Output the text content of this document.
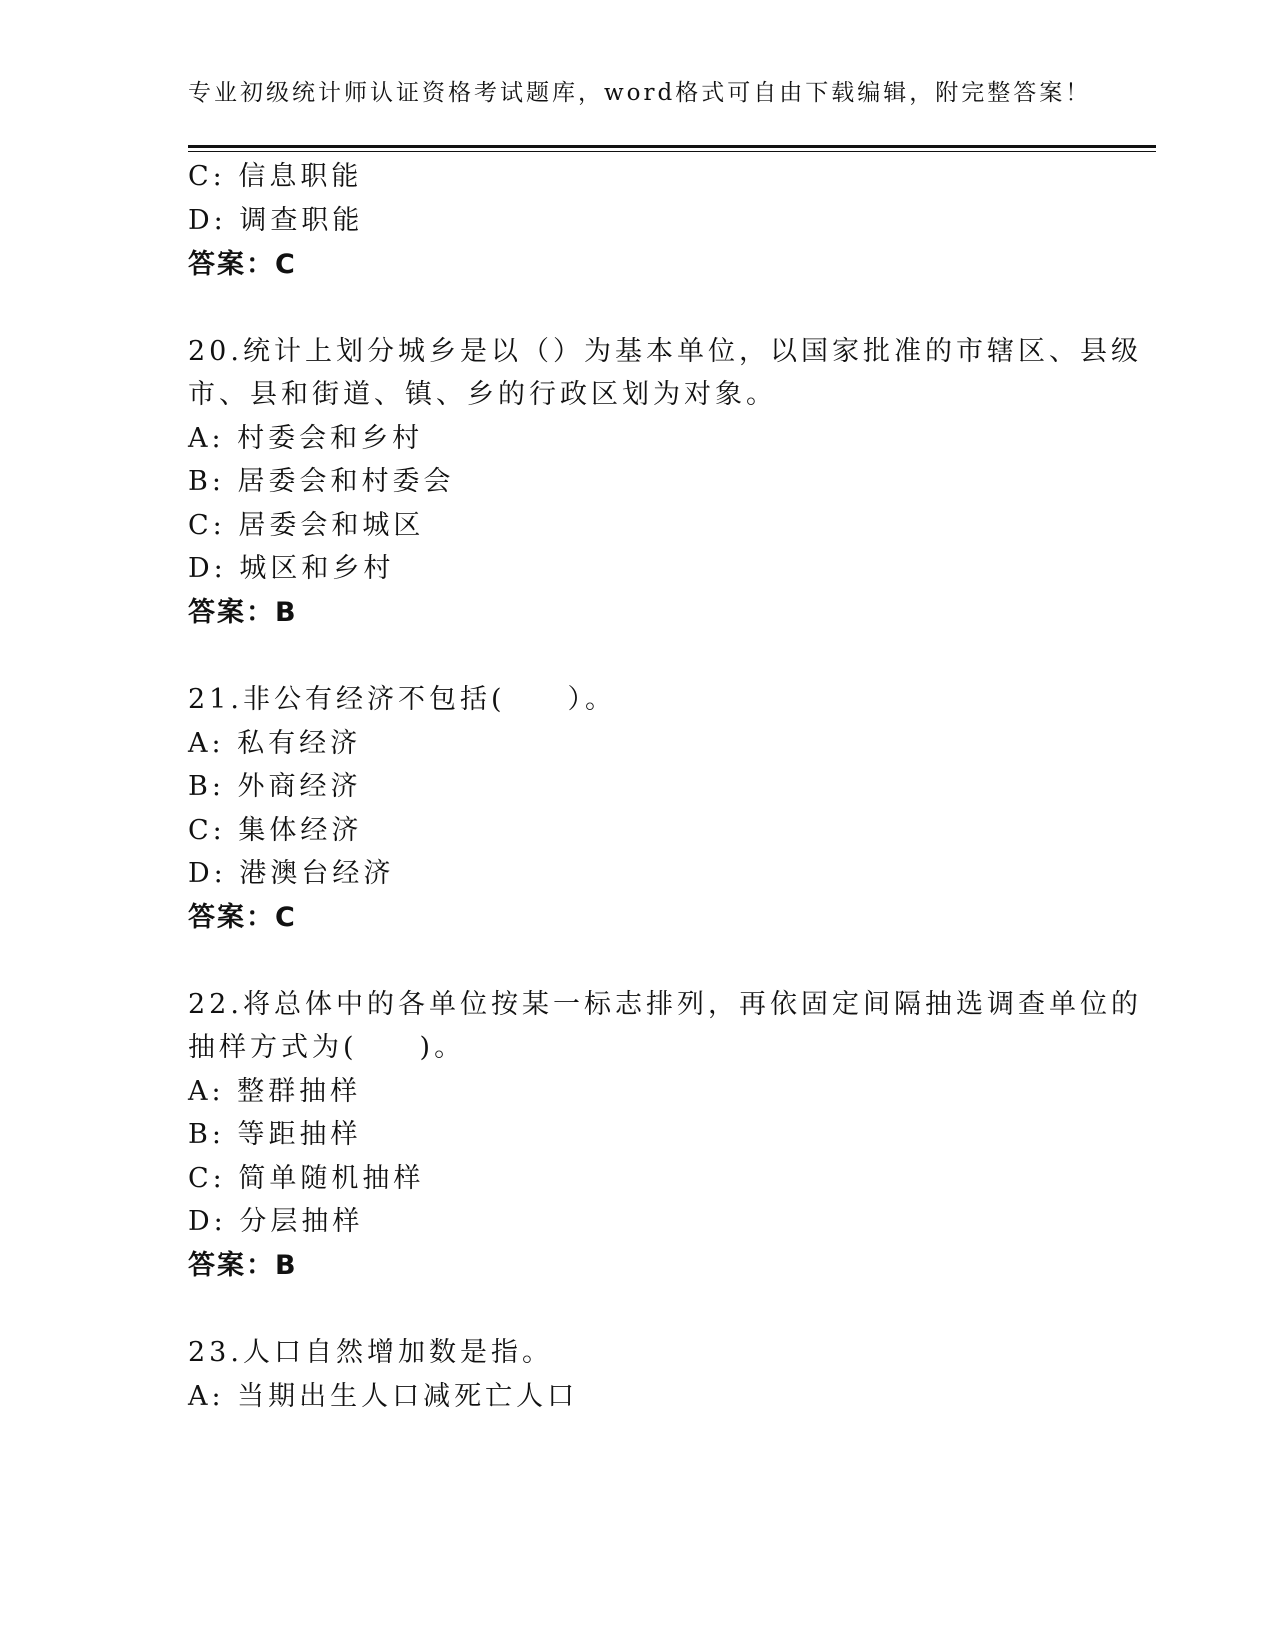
专业初级统计师认证资格考试题库，word格式可自由下载编辑，附完整答案！
C: 信息职能
D: 调查职能
答案：C
20.统计上划分城乡是以（）为基本单位，以国家批准的市辖区、县级
市、县和街道、镇、乡的行政区划为对象。
A: 村委会和乡村
B: 居委会和村委会
C: 居委会和城区
D: 城区和乡村
答案：B
21.非公有经济不包括(　　）。
A: 私有经济
B: 外商经济
C: 集体经济
D: 港澳台经济
答案：C
22.将总体中的各单位按某一标志排列，再依固定间隔抽选调查单位的
抽样方式为(　　)。
A: 整群抽样
B: 等距抽样
C: 简单随机抽样
D: 分层抽样
答案：B
23.人口自然增加数是指。
A: 当期出生人口减死亡人口
